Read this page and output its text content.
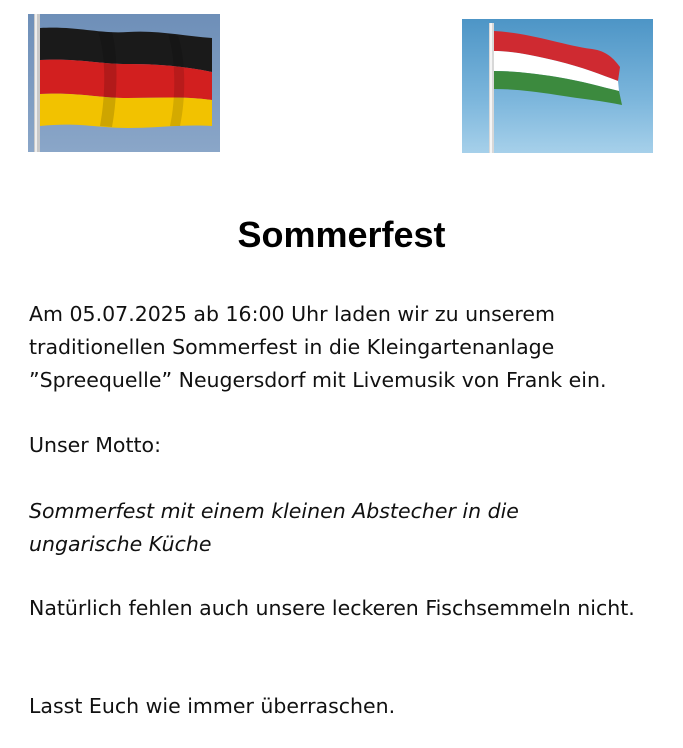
Sommerfest

Am 05.07.2025 ab 16:00 Uhr laden wir zu unserem
traditionellen Sommerfest in die Kleingartenanlage
”Spreequelle” Neugersdorf mit Livemusik von Frank ein.

Unser Motto:

Sommerfest mit einem kleinen Abstecher in die
ungarische Küche

Natürlich fehlen auch unsere leckeren Fischsemmeln nicht.

Lasst Euch wie immer überraschen.
